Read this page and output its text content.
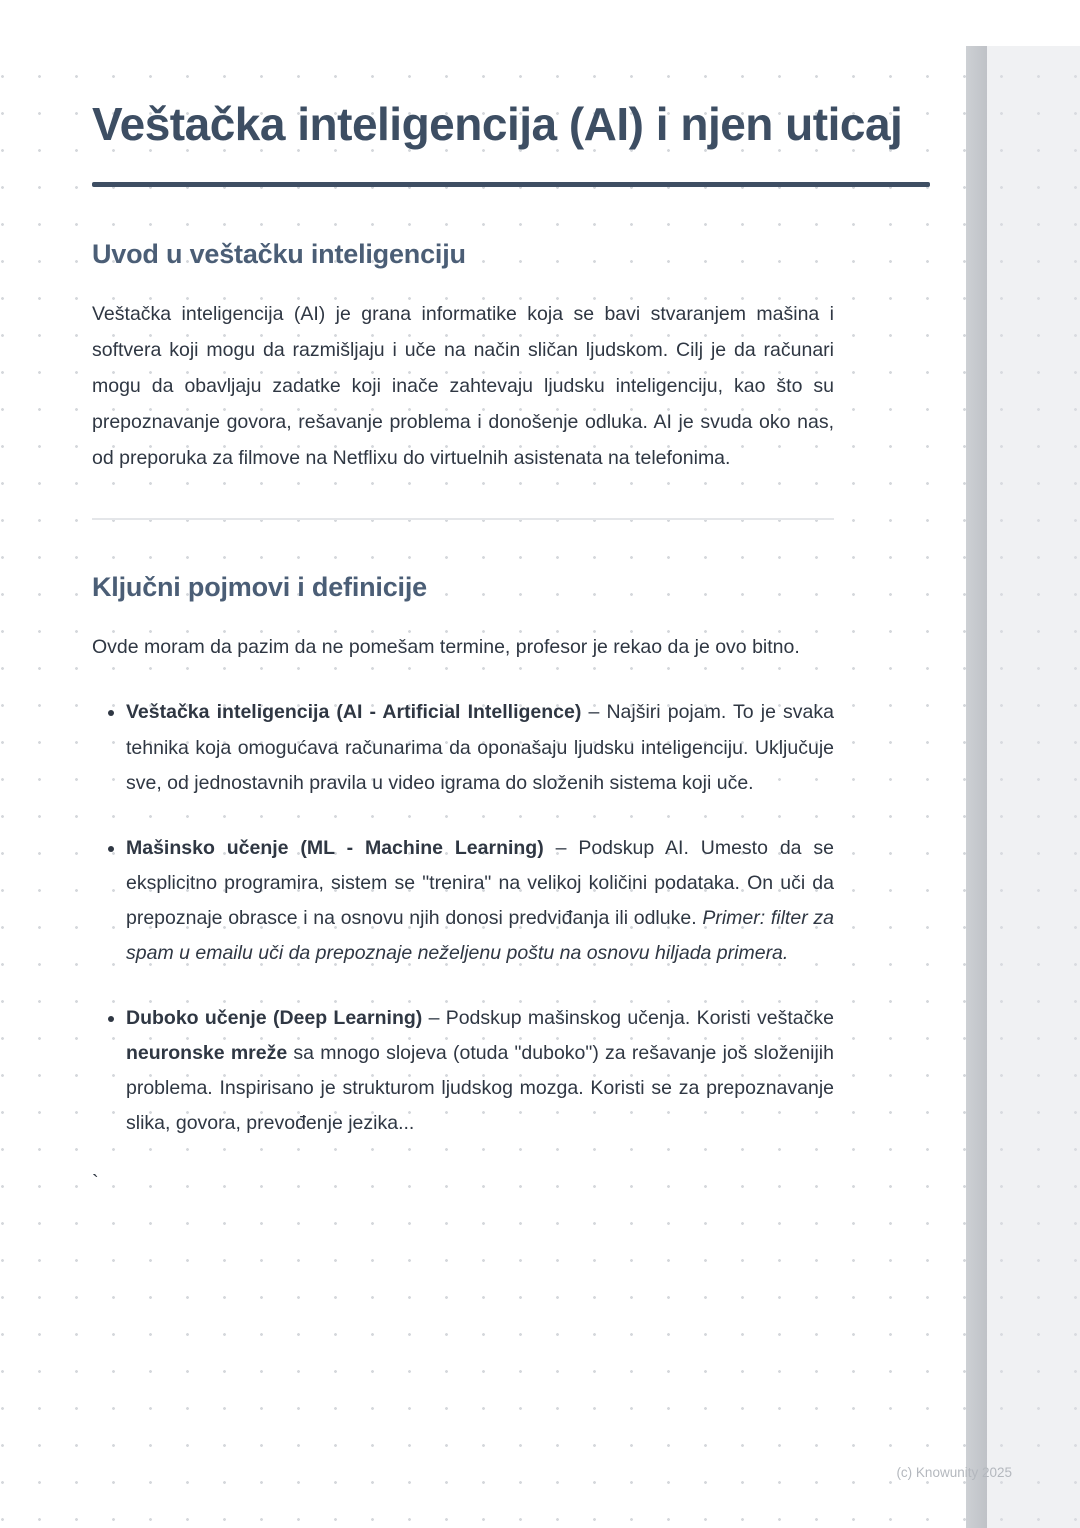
Veštačka inteligencija (AI) i njen uticaj
Uvod u veštačku inteligenciju

Veštačka inteligencija (AI) je grana informatike koja se bavi stvaranjem mašina i softvera koji mogu da razmišljaju i uče na način sličan ljudskom. Cilj je da računari mogu da obavljaju zadatke koji inače zahtevaju ljudsku inteligenciju, kao što su prepoznavanje govora, rešavanje problema i donošenje odluka. AI je svuda oko nas, od preporuka za filmove na Netflixu do virtuelnih asistenata na telefonima.

Ključni pojmovi i definicije

Ovde moram da pazim da ne pomešam termine, profesor je rekao da je ovo bitno.

• Veštačka inteligencija (AI - Artificial Intelligence) – Najširi pojam. To je svaka tehnika koja omogućava računarima da oponašaju ljudsku inteligenciju. Uključuje sve, od jednostavnih pravila u video igrama do složenih sistema koji uče.
• Mašinsko učenje (ML - Machine Learning) – Podskup AI. Umesto da se eksplicitno programira, sistem se "trenira" na velikoj količini podataka. On uči da prepoznaje obrasce i na osnovu njih donosi predviđanja ili odluke. Primer: filter za spam u emailu uči da prepoznaje neželjenu poštu na osnovu hiljada primera.
• Duboko učenje (Deep Learning) – Podskup mašinskog učenja. Koristi veštačke neuronske mreže sa mnogo slojeva (otuda "duboko") za rešavanje još složenijih problema. Inspirisano je strukturom ljudskog mozga. Koristi se za prepoznavanje slika, govora, prevođenje jezika...
`
(c) Knowunity 2025
